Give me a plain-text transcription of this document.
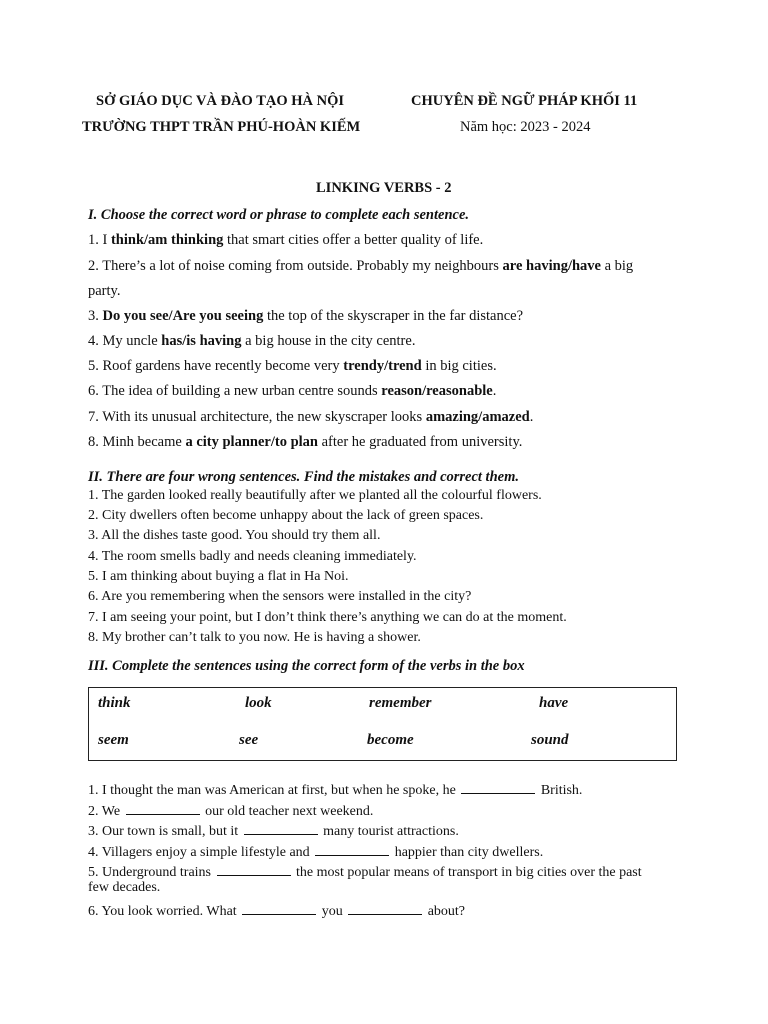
SỞ GIÁO DỤC VÀ ĐÀO TẠO HÀ NỘI
TRƯỜNG THPT TRẦN PHÚ-HOÀN KIẾM
CHUYÊN ĐỀ NGỮ PHÁP KHỐI 11
Năm học: 2023 - 2024
LINKING VERBS - 2
I. Choose the correct word or phrase to complete each sentence.
1. I think/am thinking that smart cities offer a better quality of life.
2. There’s a lot of noise coming from outside. Probably my neighbours are having/have a big
party.
3. Do you see/Are you seeing the top of the skyscraper in the far distance?
4. My uncle has/is having a big house in the city centre.
5. Roof gardens have recently become very trendy/trend in big cities.
6. The idea of building a new urban centre sounds reason/reasonable.
7. With its unusual architecture, the new skyscraper looks amazing/amazed.
8. Minh became a city planner/to plan after he graduated from university.
II. There are four wrong sentences. Find the mistakes and correct them.
1. The garden looked really beautifully after we planted all the colourful flowers.
2. City dwellers often become unhappy about the lack of green spaces.
3. All the dishes taste good. You should try them all.
4. The room smells badly and needs cleaning immediately.
5. I am thinking about buying a flat in Ha Noi.
6. Are you remembering when the sensors were installed in the city?
7. I am seeing your point, but I don’t think there’s anything we can do at the moment.
8. My brother can’t talk to you now. He is having a shower.
III. Complete the sentences using the correct form of the verbs in the box
think	look	remember	have
seem	see	become	sound
1. I thought the man was American at first, but when he spoke, he	British.
2. We	our old teacher next weekend.
3. Our town is small, but it	many tourist attractions.
4. Villagers enjoy a simple lifestyle and	happier than city dwellers.
5. Underground trains	the most popular means of transport in big cities over the past
few decades.
6. You look worried. What	you	about?
